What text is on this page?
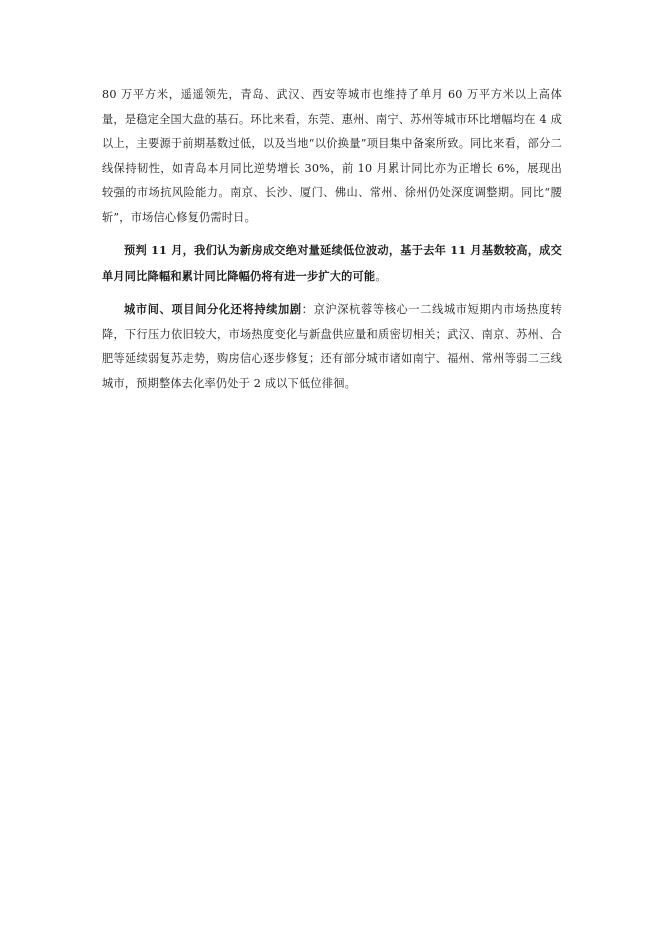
80 万平方米，遥遥领先，青岛、武汉、西安等城市也维持了单月 60 万平方米以上高体量，是稳定全国大盘的基石。环比来看，东莞、惠州、南宁、苏州等城市环比增幅均在 4 成以上，主要源于前期基数过低，以及当地“以价换量”项目集中备案所致。同比来看，部分二线保持韧性，如青岛本月同比逆势增长 30%，前 10 月累计同比亦为正增长 6%，展现出较强的市场抗风险能力。南京、长沙、厦门、佛山、常州、徐州仍处深度调整期。同比“腰斩”，市场信心修复仍需时日。

预判 11 月，我们认为新房成交绝对量延续低位波动，基于去年 11 月基数较高，成交单月同比降幅和累计同比降幅仍将有进一步扩大的可能。

城市间、项目间分化还将持续加剧：京沪深杭蓉等核心一二线城市短期内市场热度转降，下行压力依旧较大，市场热度变化与新盘供应量和质密切相关；武汉、南京、苏州、合肥等延续弱复苏走势，购房信心逐步修复；还有部分城市诸如南宁、福州、常州等弱二三线城市，预期整体去化率仍处于 2 成以下低位徘徊。
